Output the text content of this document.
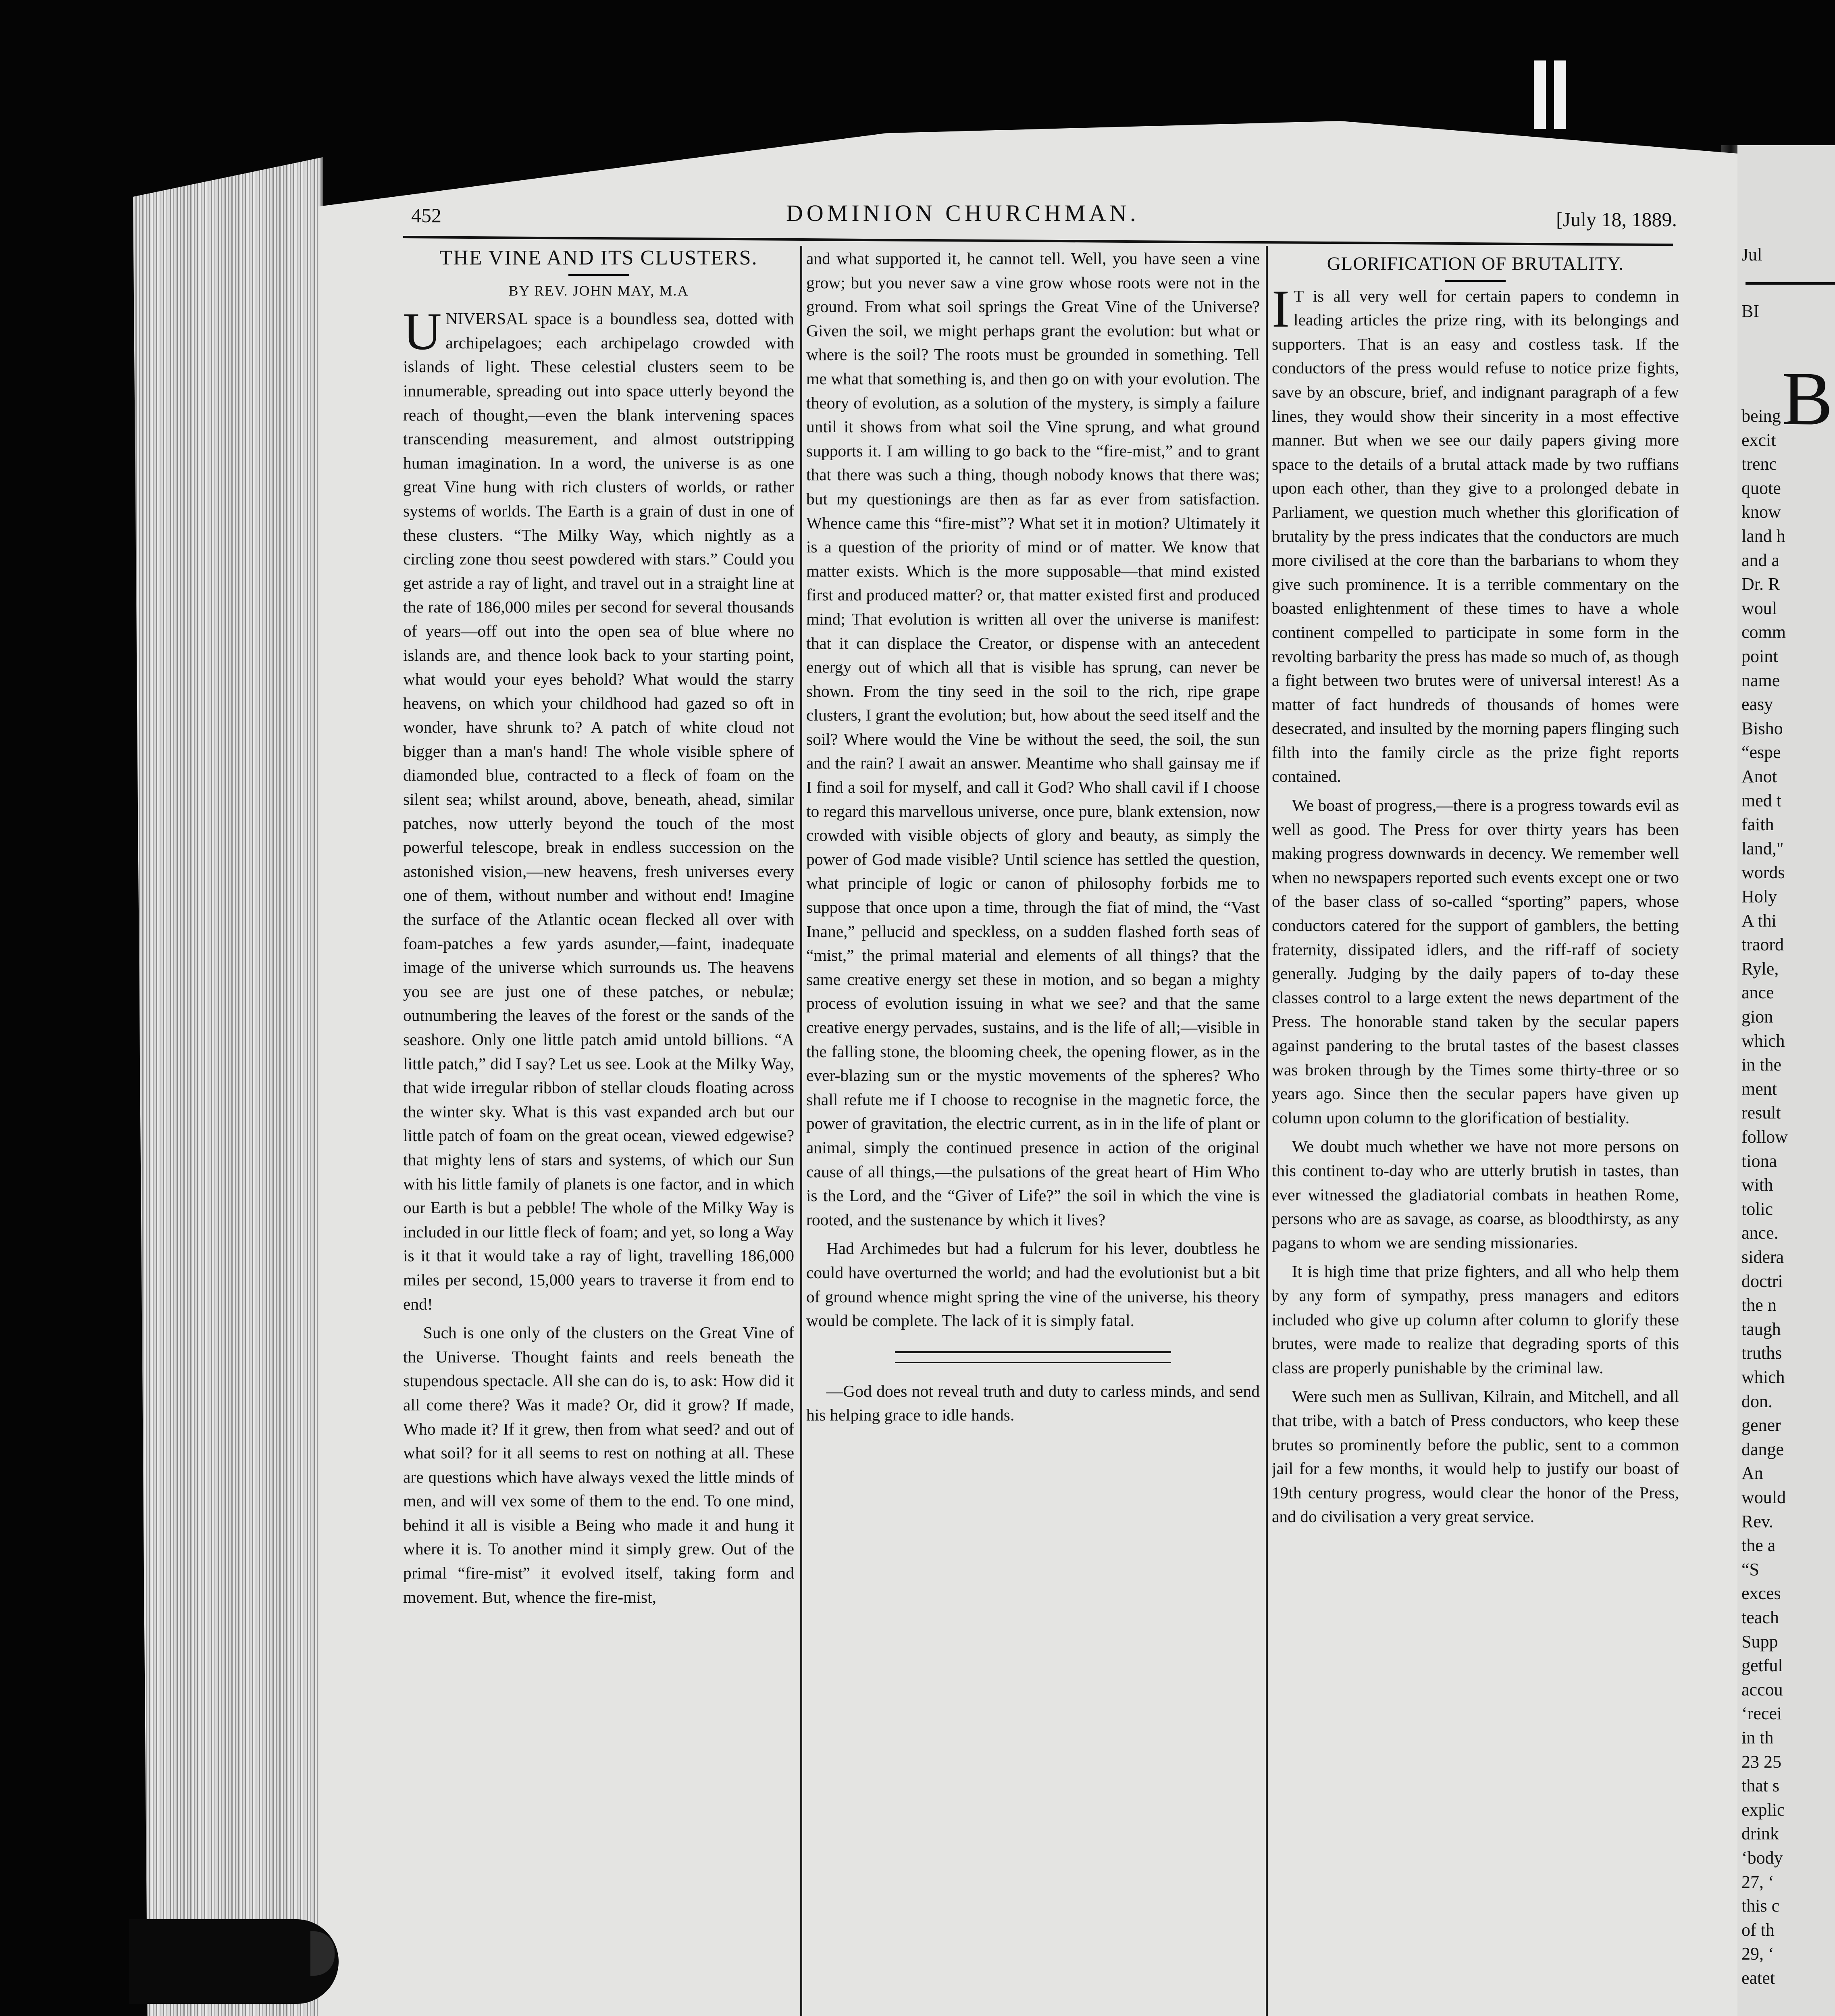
Jul
BI
B
being
excit
trenc
quote
know
land h
and a
Dr. R
woul
comm
point
name
easy
Bisho
“espe
Anot
med t
faith
land,"
words
Holy
A thi
traord
Ryle,
ance
gion
which
in the
ment
result
follow
tiona
with
tolic
ance.
sidera
doctri
the n
taugh
truths
which
don.
gener
dange
An
would
Rev.
the a
“S
exces
teach
Supp
getful
accou
‘recei
in th
23 25
that s
explic
drink
‘body
27, ‘
this c
of th
29, ‘
eatet
452	DOMINION CHURCHMAN.	[July 18, 1889.
THE VINE AND ITS CLUSTERS.
BY REV. JOHN MAY, M.A

UNIVERSAL space is a boundless sea, dotted with archipelagoes; each archipelago crowded with islands of light. These celestial clusters seem to be innumerable, spreading out into space utterly beyond the reach of thought,—even the blank intervening spaces transcending measurement, and almost outstripping human imagination. In a word, the universe is as one great Vine hung with rich clusters of worlds, or rather systems of worlds. The Earth is a grain of dust in one of these clusters. “The Milky Way, which nightly as a circling zone thou seest powdered with stars.” Could you get astride a ray of light, and travel out in a straight line at the rate of 186,000 miles per second for several thousands of years—off out into the open sea of blue where no islands are, and thence look back to your starting point, what would your eyes behold? What would the starry heavens, on which your childhood had gazed so oft in wonder, have shrunk to? A patch of white cloud not bigger than a man's hand! The whole visible sphere of diamonded blue, contracted to a fleck of foam on the silent sea; whilst around, above, beneath, ahead, similar patches, now utterly beyond the touch of the most powerful telescope, break in endless succession on the astonished vision,—new heavens, fresh universes every one of them, without number and without end! Imagine the surface of the Atlantic ocean flecked all over with foam-patches a few yards asunder,—faint, inadequate image of the universe which surrounds us. The heavens you see are just one of these patches, or nebulæ; outnumbering the leaves of the forest or the sands of the seashore. Only one little patch amid untold billions. “A little patch,” did I say? Let us see. Look at the Milky Way, that wide irregular ribbon of stellar clouds floating across the winter sky. What is this vast expanded arch but our little patch of foam on the great ocean, viewed edgewise? that mighty lens of stars and systems, of which our Sun with his little family of planets is one factor, and in which our Earth is but a pebble! The whole of the Milky Way is included in our little fleck of foam; and yet, so long a Way is it that it would take a ray of light, travelling 186,000 miles per second, 15,000 years to traverse it from end to end!

Such is one only of the clusters on the Great Vine of the Universe. Thought faints and reels beneath the stupendous spectacle. All she can do is, to ask: How did it all come there? Was it made? Or, did it grow? If made, Who made it? If it grew, then from what seed? and out of what soil? for it all seems to rest on nothing at all. These are questions which have always vexed the little minds of men, and will vex some of them to the end. To one mind, behind it all is visible a Being who made it and hung it where it is. To another mind it simply grew. Out of the primal “fire-mist” it evolved itself, taking form and movement. But, whence the fire-mist,

and what supported it, he cannot tell. Well, you have seen a vine grow; but you never saw a vine grow whose roots were not in the ground. From what soil springs the Great Vine of the Universe? Given the soil, we might perhaps grant the evolution: but what or where is the soil? The roots must be grounded in something. Tell me what that something is, and then go on with your evolution. The theory of evolution, as a solution of the mystery, is simply a failure until it shows from what soil the Vine sprung, and what ground supports it. I am willing to go back to the “fire-mist,” and to grant that there was such a thing, though nobody knows that there was; but my questionings are then as far as ever from satisfaction. Whence came this “fire-mist”? What set it in motion? Ultimately it is a question of the priority of mind or of matter. We know that matter exists. Which is the more supposable—that mind existed first and produced matter? or, that matter existed first and produced mind; That evolution is written all over the universe is manifest: that it can displace the Creator, or dispense with an antecedent energy out of which all that is visible has sprung, can never be shown. From the tiny seed in the soil to the rich, ripe grape clusters, I grant the evolution; but, how about the seed itself and the soil? Where would the Vine be without the seed, the soil, the sun and the rain? I await an answer. Meantime who shall gainsay me if I find a soil for myself, and call it God? Who shall cavil if I choose to regard this marvellous universe, once pure, blank extension, now crowded with visible objects of glory and beauty, as simply the power of God made visible? Until science has settled the question, what principle of logic or canon of philosophy forbids me to suppose that once upon a time, through the fiat of mind, the “Vast Inane,” pellucid and speckless, on a sudden flashed forth seas of “mist,” the primal material and elements of all things? that the same creative energy set these in motion, and so began a mighty process of evolution issuing in what we see? and that the same creative energy pervades, sustains, and is the life of all;—visible in the falling stone, the blooming cheek, the opening flower, as in the ever-blazing sun or the mystic movements of the spheres? Who shall refute me if I choose to recognise in the magnetic force, the power of gravitation, the electric current, as in in the life of plant or animal, simply the continued presence in action of the original cause of all things,—the pulsations of the great heart of Him Who is the Lord, and the “Giver of Life?” the soil in which the vine is rooted, and the sustenance by which it lives?

Had Archimedes but had a fulcrum for his lever, doubtless he could have overturned the world; and had the evolutionist but a bit of ground whence might spring the vine of the universe, his theory would be complete. The lack of it is simply fatal.

—God does not reveal truth and duty to carless minds, and send his helping grace to idle hands.

GLORIFICATION OF BRUTALITY.

I T is all very well for certain papers to condemn in leading articles the prize ring, with its belongings and supporters. That is an easy and costless task. If the conductors of the press would refuse to notice prize fights, save by an obscure, brief, and indignant paragraph of a few lines, they would show their sincerity in a most effective manner. But when we see our daily papers giving more space to the details of a brutal attack made by two ruffians upon each other, than they give to a prolonged debate in Parliament, we question much whether this glorification of brutality by the press indicates that the conductors are much more civilised at the core than the barbarians to whom they give such prominence. It is a terrible commentary on the boasted enlightenment of these times to have a whole continent compelled to participate in some form in the revolting barbarity the press has made so much of, as though a fight between two brutes were of universal interest! As a matter of fact hundreds of thousands of homes were desecrated, and insulted by the morning papers flinging such filth into the family circle as the prize fight reports contained.

We boast of progress,—there is a progress towards evil as well as good. The Press for over thirty years has been making progress downwards in decency. We remember well when no newspapers reported such events except one or two of the baser class of so-called “sporting” papers, whose conductors catered for the support of gamblers, the betting fraternity, dissipated idlers, and the riff-raff of society generally. Judging by the daily papers of to-day these classes control to a large extent the news department of the Press. The honorable stand taken by the secular papers against pandering to the brutal tastes of the basest classes was broken through by the Times some thirty-three or so years ago. Since then the secular papers have given up column upon column to the glorification of bestiality.

We doubt much whether we have not more persons on this continent to-day who are utterly brutish in tastes, than ever witnessed the gladiatorial combats in heathen Rome, persons who are as savage, as coarse, as bloodthirsty, as any pagans to whom we are sending missionaries.

It is high time that prize fighters, and all who help them by any form of sympathy, press managers and editors included who give up column after column to glorify these brutes, were made to realize that degrading sports of this class are properly punishable by the criminal law.

Were such men as Sullivan, Kilrain, and Mitchell, and all that tribe, with a batch of Press conductors, who keep these brutes so prominently before the public, sent to a common jail for a few months, it would help to justify our boast of 19th century progress, would clear the honor of the Press, and do civilisation a very great service.
